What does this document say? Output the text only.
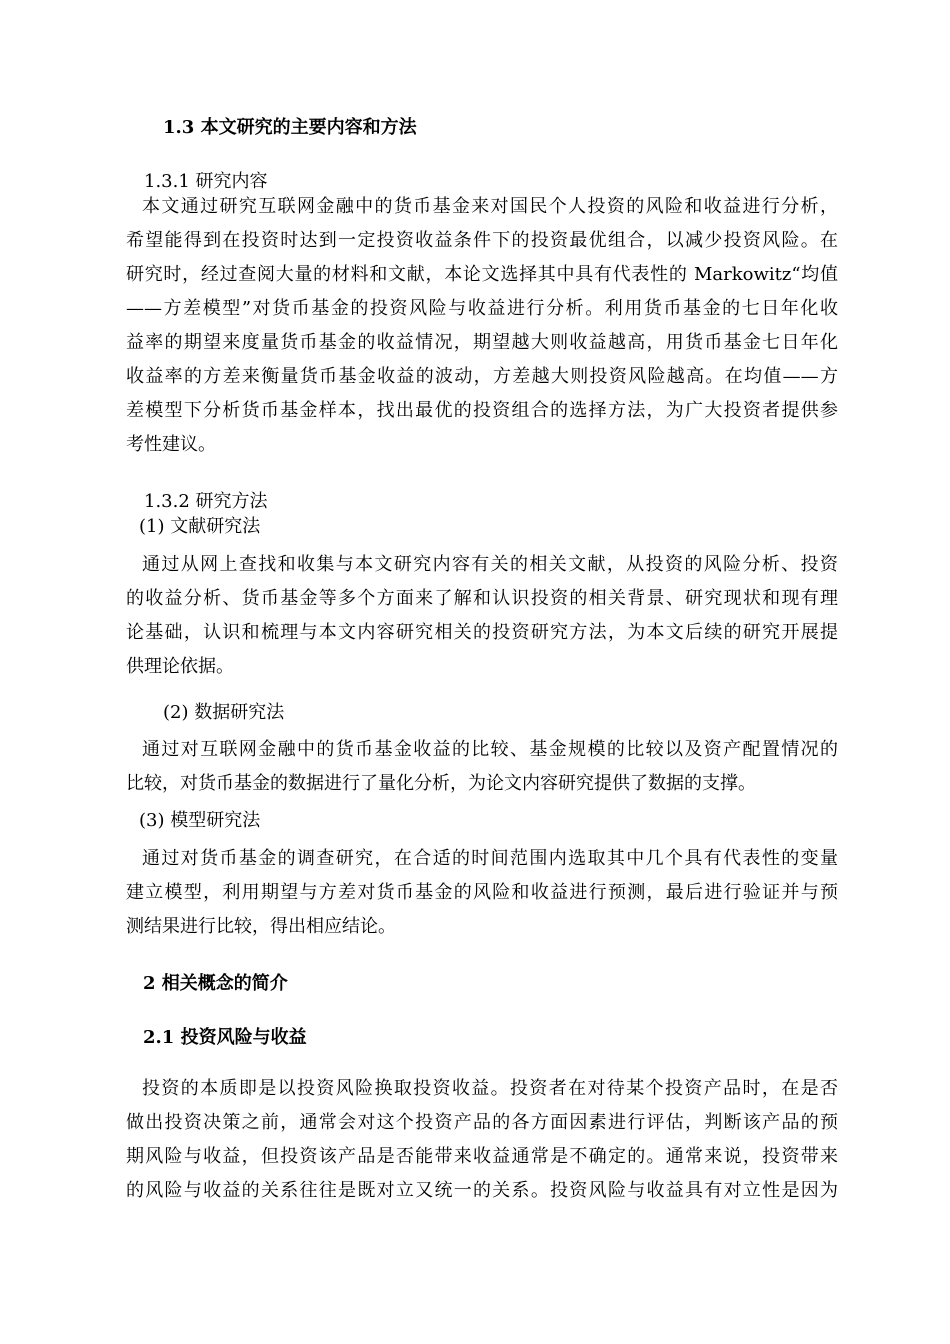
1.3 本文研究的主要内容和方法
1.3.1 研究内容
本文通过研究互联网金融中的货币基金来对国民个人投资的风险和收益进行分析，
希望能得到在投资时达到一定投资收益条件下的投资最优组合，以减少投资风险。在
研究时，经过查阅大量的材料和文献，本论文选择其中具有代表性的 Markowitz“均值
——方差模型”对货币基金的投资风险与收益进行分析。利用货币基金的七日年化收
益率的期望来度量货币基金的收益情况，期望越大则收益越高，用货币基金七日年化
收益率的方差来衡量货币基金收益的波动，方差越大则投资风险越高。在均值——方
差模型下分析货币基金样本，找出最优的投资组合的选择方法，为广大投资者提供参
考性建议。
1.3.2 研究方法
(1) 文献研究法
通过从网上查找和收集与本文研究内容有关的相关文献，从投资的风险分析、投资
的收益分析、货币基金等多个方面来了解和认识投资的相关背景、研究现状和现有理
论基础，认识和梳理与本文内容研究相关的投资研究方法，为本文后续的研究开展提
供理论依据。
(2) 数据研究法
通过对互联网金融中的货币基金收益的比较、基金规模的比较以及资产配置情况的
比较，对货币基金的数据进行了量化分析，为论文内容研究提供了数据的支撑。
(3) 模型研究法
通过对货币基金的调查研究，在合适的时间范围内选取其中几个具有代表性的变量
建立模型，利用期望与方差对货币基金的风险和收益进行预测，最后进行验证并与预
测结果进行比较，得出相应结论。
2 相关概念的简介
2.1 投资风险与收益
投资的本质即是以投资风险换取投资收益。投资者在对待某个投资产品时，在是否
做出投资决策之前，通常会对这个投资产品的各方面因素进行评估，判断该产品的预
期风险与收益，但投资该产品是否能带来收益通常是不确定的。通常来说，投资带来
的风险与收益的关系往往是既对立又统一的关系。投资风险与收益具有对立性是因为
